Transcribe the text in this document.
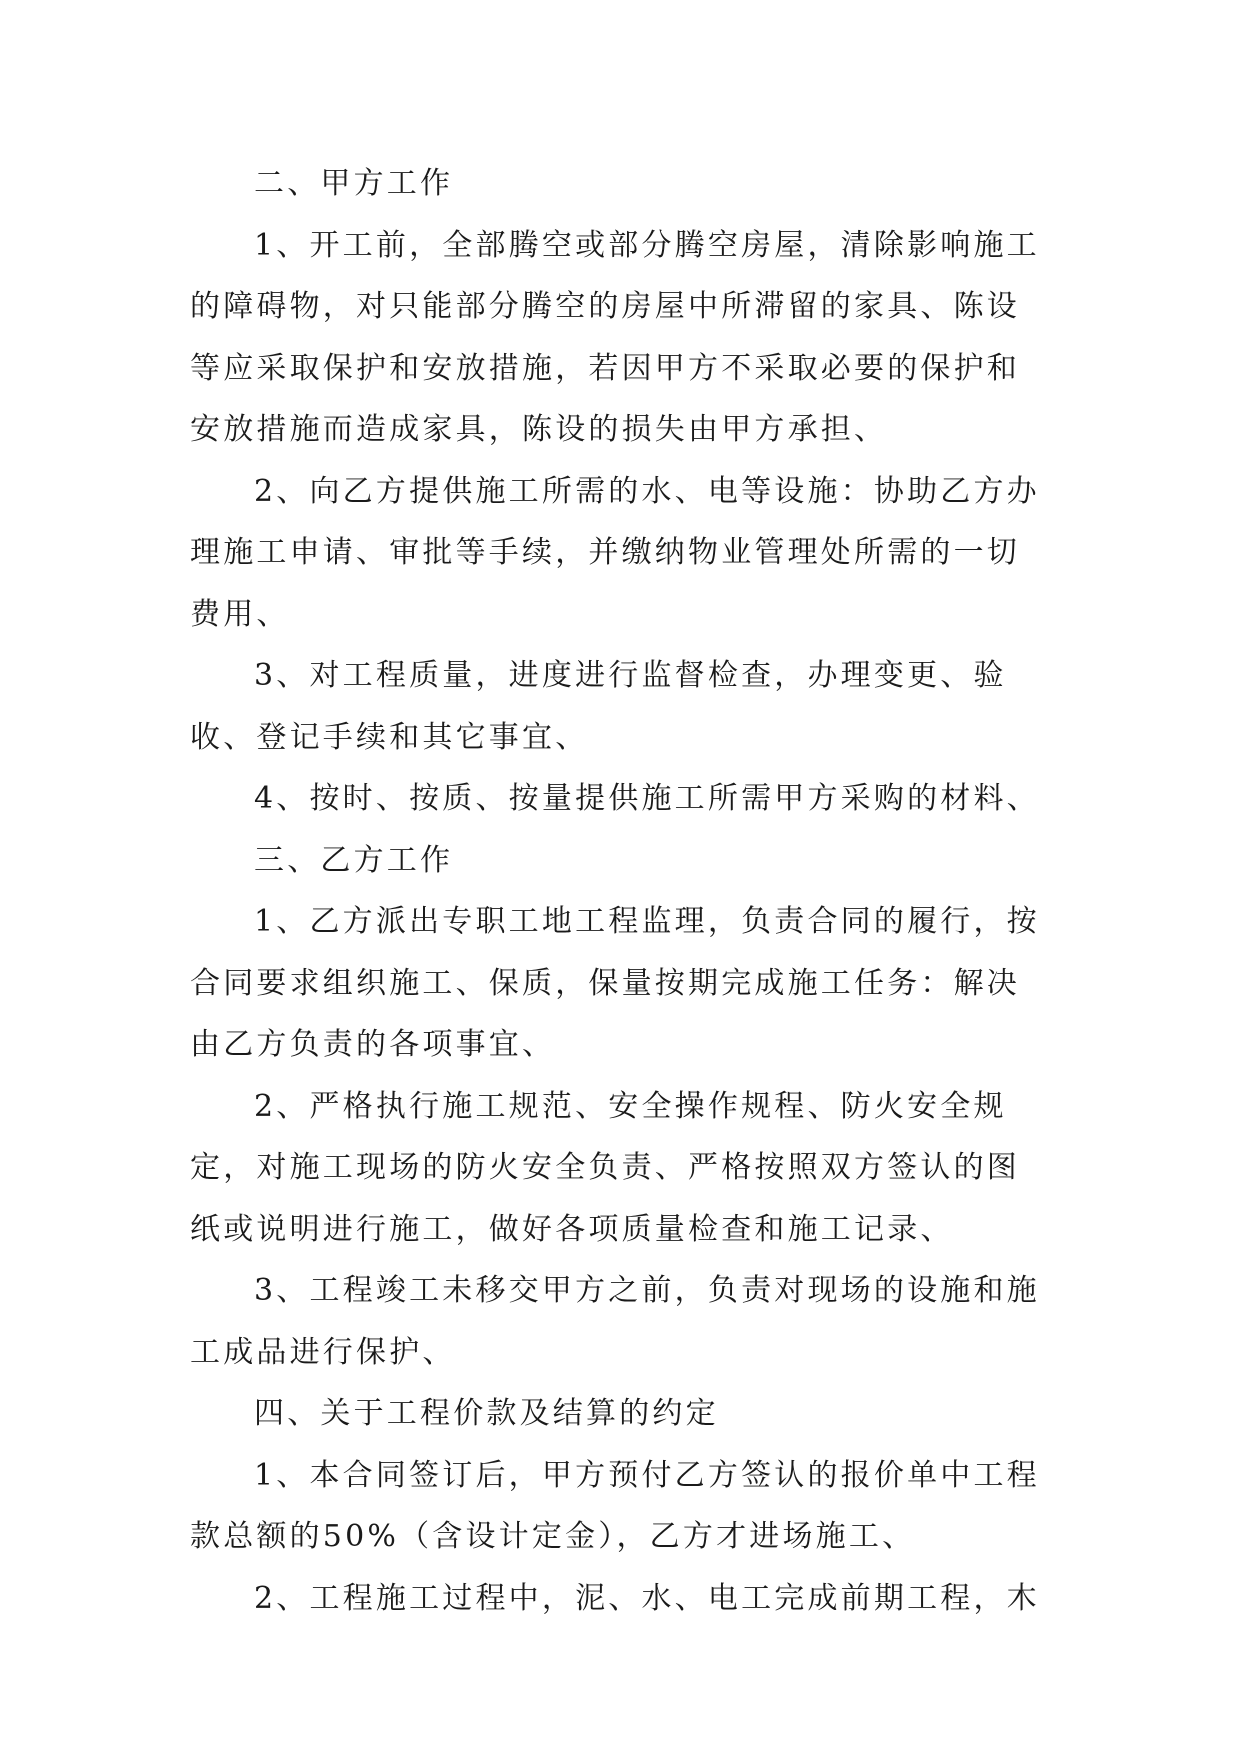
二、甲方工作

1、开工前，全部腾空或部分腾空房屋，清除影响施工的障碍物，对只能部分腾空的房屋中所滞留的家具、陈设等应采取保护和安放措施，若因甲方不采取必要的保护和安放措施而造成家具，陈设的损失由甲方承担、

2、向乙方提供施工所需的水、电等设施：协助乙方办理施工申请、审批等手续，并缴纳物业管理处所需的一切费用、

3、对工程质量，进度进行监督检查，办理变更、验收、登记手续和其它事宜、

4、按时、按质、按量提供施工所需甲方采购的材料、

三、乙方工作

1、乙方派出专职工地工程监理，负责合同的履行，按合同要求组织施工、保质，保量按期完成施工任务：解决由乙方负责的各项事宜、

2、严格执行施工规范、安全操作规程、防火安全规定，对施工现场的防火安全负责、严格按照双方签认的图纸或说明进行施工，做好各项质量检查和施工记录、

3、工程竣工未移交甲方之前，负责对现场的设施和施工成品进行保护、

四、关于工程价款及结算的约定

1、本合同签订后，甲方预付乙方签认的报价单中工程款总额的50%（含设计定金），乙方才进场施工、

2、工程施工过程中，泥、水、电工完成前期工程，木
